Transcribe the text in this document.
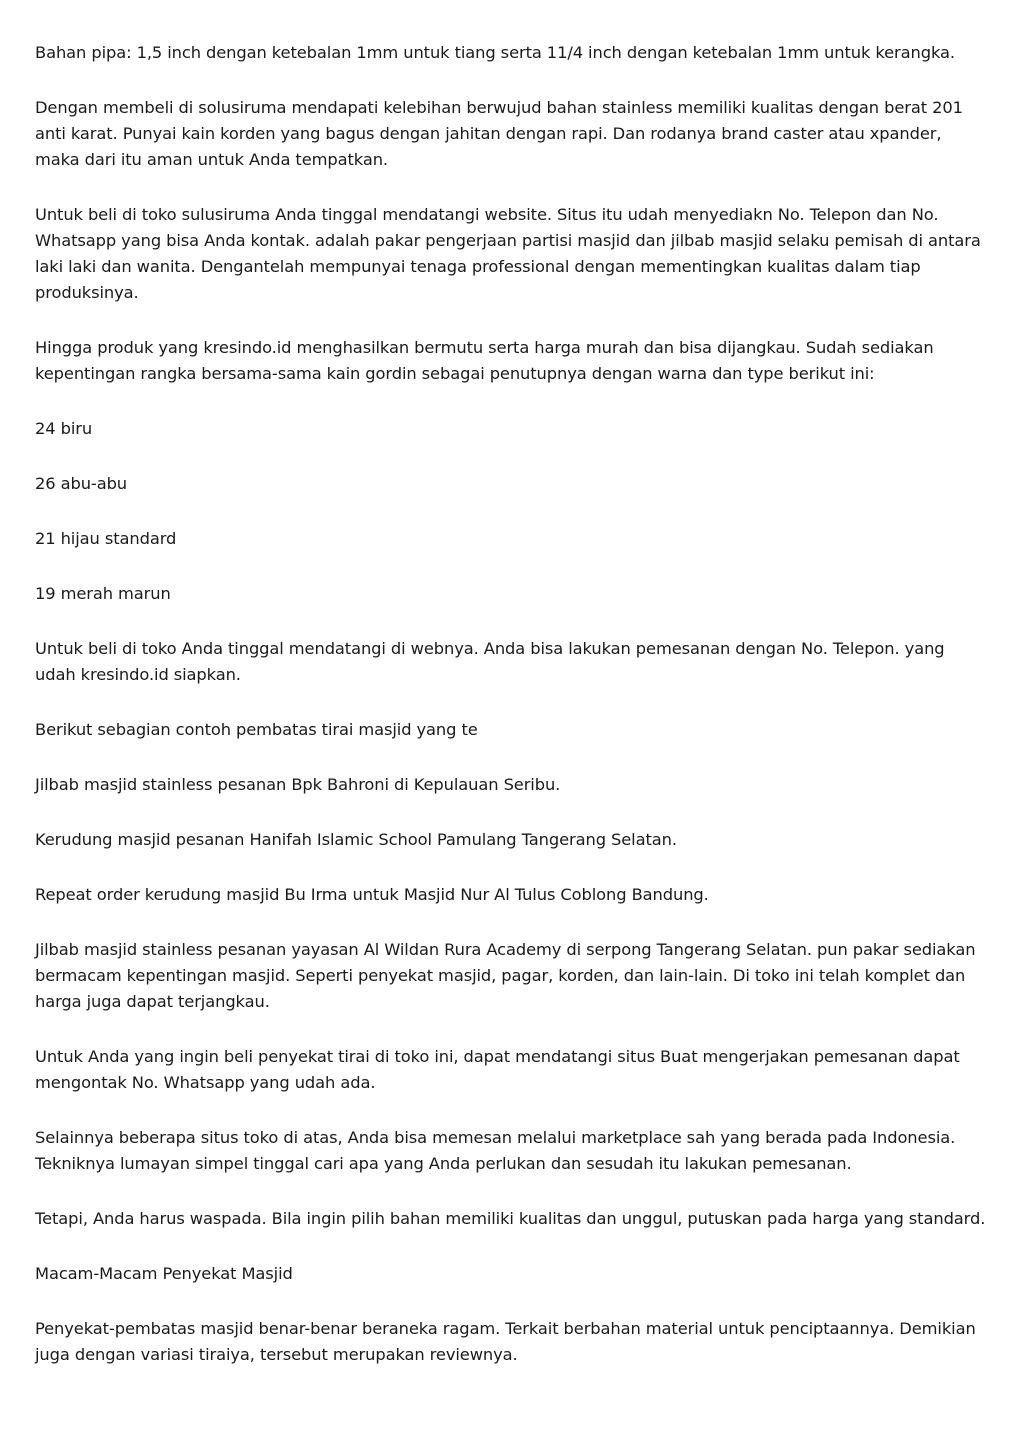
Bahan pipa: 1,5 inch dengan ketebalan 1mm untuk tiang serta 11/4 inch dengan ketebalan 1mm untuk kerangka.

Dengan membeli di solusiruma mendapati kelebihan berwujud bahan stainless memiliki kualitas dengan berat 201 anti karat. Punyai kain korden yang bagus dengan jahitan dengan rapi. Dan rodanya brand caster atau xpander, maka dari itu aman untuk Anda tempatkan.

Untuk beli di toko sulusiruma Anda tinggal mendatangi website. Situs itu udah menyediakn No. Telepon dan No. Whatsapp yang bisa Anda kontak. adalah pakar pengerjaan partisi masjid dan jilbab masjid selaku pemisah di antara laki laki dan wanita. Dengantelah mempunyai tenaga professional dengan mementingkan kualitas dalam tiap produksinya.

Hingga produk yang kresindo.id menghasilkan bermutu serta harga murah dan bisa dijangkau. Sudah sediakan kepentingan rangka bersama-sama kain gordin sebagai penutupnya dengan warna dan type berikut ini:

24 biru

26 abu-abu

21 hijau standard

19 merah marun

Untuk beli di toko Anda tinggal mendatangi di webnya. Anda bisa lakukan pemesanan dengan No. Telepon. yang udah kresindo.id siapkan.

Berikut sebagian contoh pembatas tirai masjid yang te

Jilbab masjid stainless pesanan Bpk Bahroni di Kepulauan Seribu.

Kerudung masjid pesanan Hanifah Islamic School Pamulang Tangerang Selatan.

Repeat order kerudung masjid Bu Irma untuk Masjid Nur Al Tulus Coblong Bandung.

Jilbab masjid stainless pesanan yayasan Al Wildan Rura Academy di serpong Tangerang Selatan. pun pakar sediakan bermacam kepentingan masjid. Seperti penyekat masjid, pagar, korden, dan lain-lain. Di toko ini telah komplet dan harga juga dapat terjangkau.

Untuk Anda yang ingin beli penyekat tirai di toko ini, dapat mendatangi situs Buat mengerjakan pemesanan dapat mengontak No. Whatsapp yang udah ada.

Selainnya beberapa situs toko di atas, Anda bisa memesan melalui marketplace sah yang berada pada Indonesia. Tekniknya lumayan simpel tinggal cari apa yang Anda perlukan dan sesudah itu lakukan pemesanan.

Tetapi, Anda harus waspada. Bila ingin pilih bahan memiliki kualitas dan unggul, putuskan pada harga yang standard.

Macam-Macam Penyekat Masjid

Penyekat-pembatas masjid benar-benar beraneka ragam. Terkait berbahan material untuk penciptaannya. Demikian juga dengan variasi tiraiya, tersebut merupakan reviewnya.
